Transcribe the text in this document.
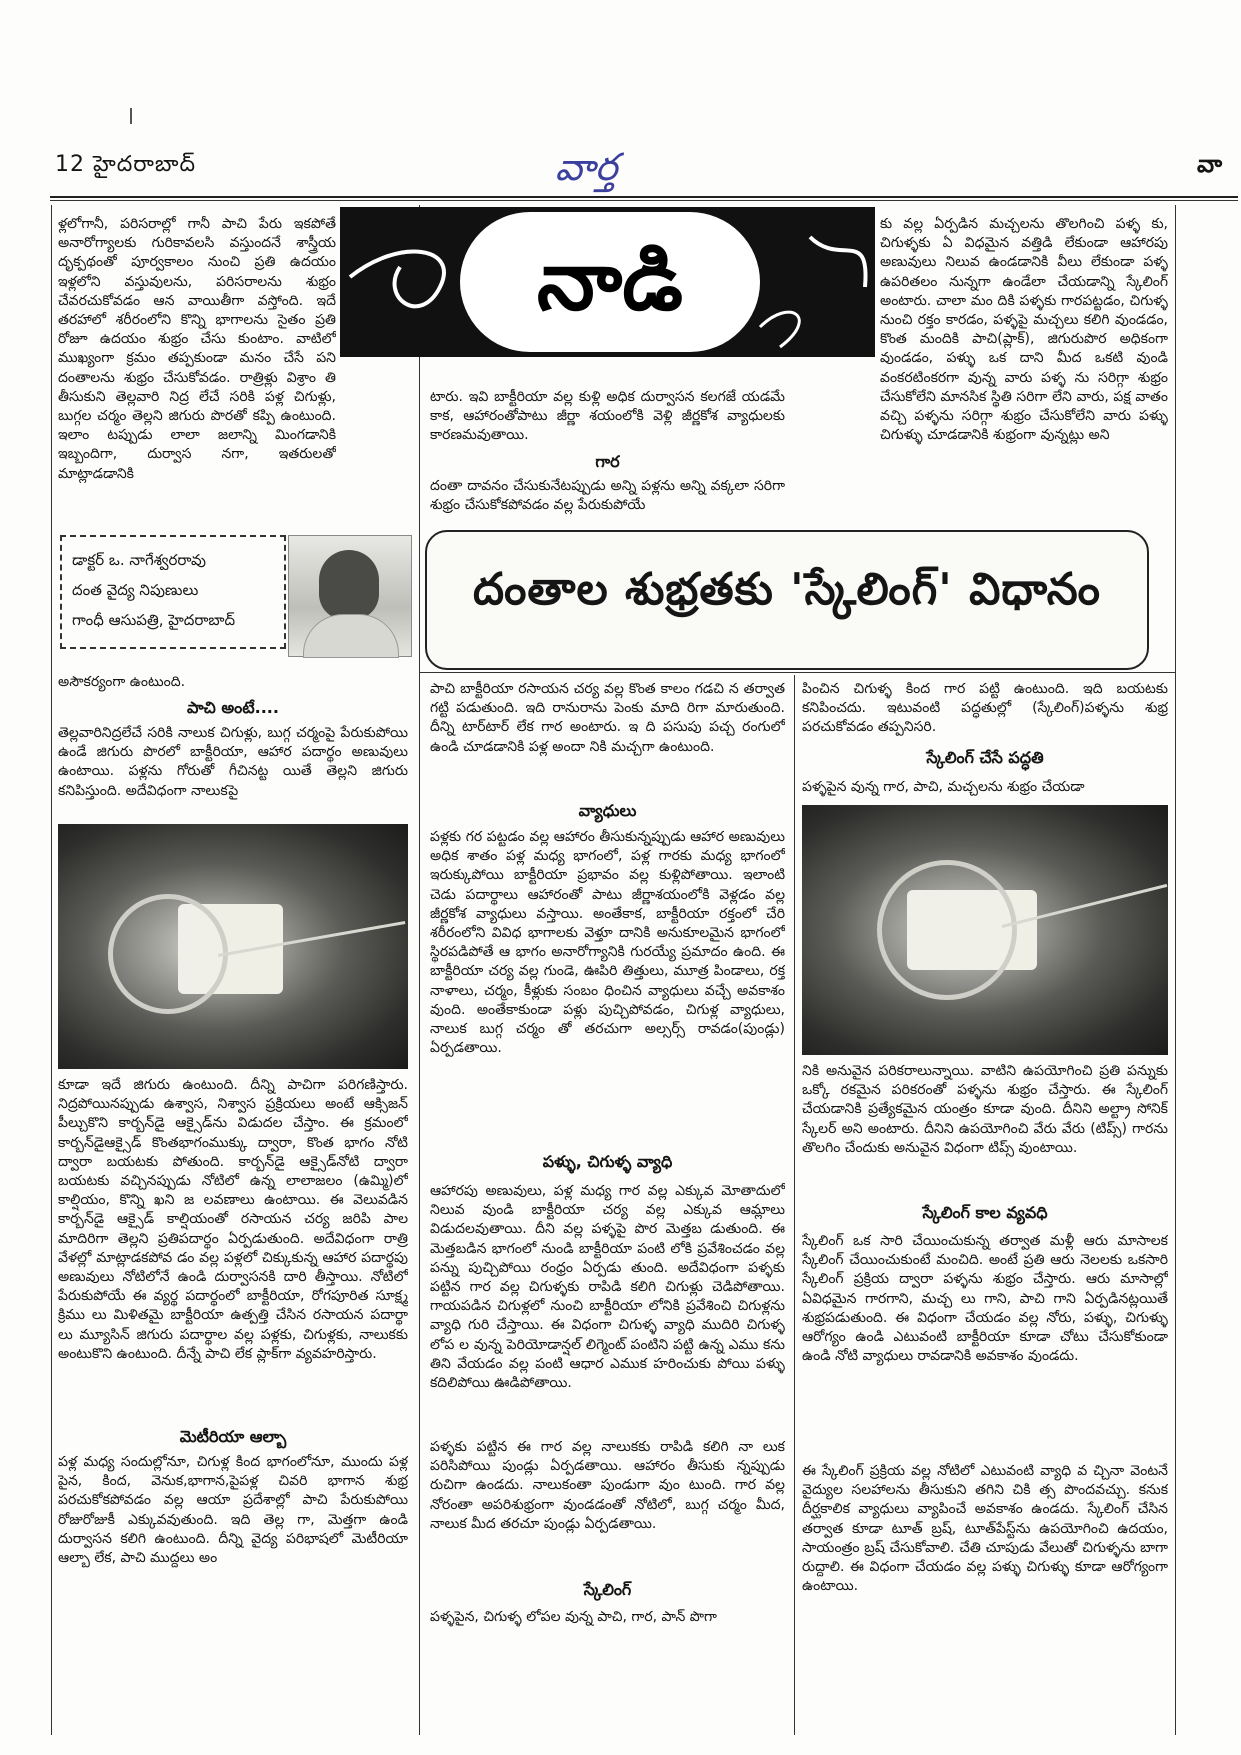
12 హైదరాబాద్	వార్త	వా
నాడి

ళ్లలోగానీ, పరిసరాల్లో గానీ పాచి పేరు ఇకపోతే అనారోగ్యాలకు గురికావలసి వస్తుందనే శాస్త్రీయ దృక్పథంతో పూర్వకాలం నుంచి ప్రతి ఉదయం ఇళ్లలోని వస్తువులను, పరిసరాలను శుభ్రం చేవరచుకోవడం ఆన వాయితీగా వస్తోంది. ఇదే తరహాలో శరీరంలోని కొన్ని భాగాలను సైతం ప్రతి రోజూ ఉదయం శుభ్రం చేసు కుంటాం. వాటిలో ముఖ్యంగా క్రమం తప్పకుండా మనం చేసే పని దంతాలను శుభ్రం చేసుకోవడం. రాత్రిళ్లు విశ్రాం తి తీసుకుని తెల్లవారి నిద్ర లేచే సరికి పళ్ల చిగుళ్లు, బుగ్గల చర్మం తెల్లని జిగురు పొరతో కప్పి ఉంటుంది. ఇలాం టప్పుడు లాలా జలాన్ని మింగడానికి ఇబ్బందిగా, దుర్వాస నగా, ఇతరులతో మాట్లాడడానికి

డాక్టర్ ఒ. నాగేశ్వరరావు
దంత వైద్య నిపుణులు
గాంధీ ఆసుపత్రి, హైదరాబాద్

అసౌకర్యంగా ఉంటుంది.

పాచి అంటే....

తెల్లవారినిద్రలేచే సరికి నాలుక చిగుళ్లు, బుగ్గ చర్మంపై పేరుకుపోయి ఉండే జిగురు పొరలో బాక్టీరియా, ఆహార పదార్థం అణువులు ఉంటాయి. పళ్లను గోరుతో గీచినట్ట యితే తెల్లని జిగురు కనిపిస్తుంది. అదేవిధంగా నాలుకపై

కూడా ఇదే జిగురు ఉంటుంది. దీన్ని పాచిగా పరిగణిస్తారు. నిద్రపోయినప్పుడు ఉశ్వాస, నిశ్వాస ప్రక్రియలు అంటే ఆక్సిజన్ పీల్చుకొని కార్బన్‌డై ఆక్సైడ్‌ను విడుదల చేస్తాం. ఈ క్రమంలో కార్బన్‌డైఆక్సైడ్ కొంతభాగంముక్కు ద్వారా, కొంత భాగం నోటి ద్వారా బయటకు పోతుంది. కార్బన్‌డై ఆక్సైడ్‌నోటి ద్వారా బయటకు వచ్చినప్పుడు నోటిలో ఉన్న లాలాజలం (ఉమ్మి)లో కాల్షియం, కొన్ని ఖని జ లవణాలు ఉంటాయి. ఈ వెలువడిన కార్బన్‌డై ఆక్సైడ్ కాల్షియంతో రసాయన చర్య జరిపి పాల మాదిరిగా తెల్లని ప్రతిపదార్థం ఏర్పడుతుంది. అదేవిధంగా రాత్రి వేళల్లో మాట్లాడకపోవ డం వల్ల పళ్లలో చిక్కుకున్న ఆహార పదార్థపు అణువులు నోటిలోనే ఉండి దుర్వాసనకి దారి తీస్తాయి. నోటిలో పేరుకుపోయే ఈ వ్యర్థ పదార్థంలో బాక్టీరియా, రోగపూరిత సూక్ష్మ క్రిము లు మిళితమై బాక్టీరియా ఉత్పత్తి చేసిన రసాయన పదార్థా లు మ్యూసిన్ జిగురు పదార్థాల వల్ల పళ్లకు, చిగుళ్లకు, నాలుకకు అంటుకొని ఉంటుంది. దీన్నే పాచి లేక ప్లాక్‌గా వ్యవహరిస్తారు.

మెటీరియా ఆల్బా

పళ్ల మధ్య సందుల్లోనూ, చిగుళ్ల కింద భాగంలోనూ, ముందు పళ్ల పైన, కింద, వెనుక,భాగాన,పైపళ్ల చివరి భాగాన శుభ్ర పరచుకోకపోవడం వల్ల ఆయా ప్రదేశాల్లో పాచి పేరుకుపోయి రోజురోజుకీ ఎక్కువవుతుంది. ఇది తెల్ల గా, మెత్తగా ఉండి దుర్వాసన కలిగి ఉంటుంది. దీన్ని వైద్య పరిభాషలో మెటీరియా ఆల్బా లేక, పాచి ముద్దలు అం

టారు. ఇవి బాక్టీరియా వల్ల కుళ్లి అధిక దుర్వాసన కలగజే యడమే కాక, ఆహారంతోపాటు జీర్ణా శయంలోకి వెళ్లి జీర్ణకోశ వ్యాధులకు కారణమవుతాయి.

గార

దంతా దావనం చేసుకునేటప్పుడు అన్ని పళ్లను అన్ని వక్కలా సరిగా శుభ్రం చేసుకోకపోవడం వల్ల పేరుకుపోయే

కు వల్ల ఏర్పడిన మచ్చలను తొలగించి పళ్ళ కు, చిగుళ్ళకు ఏ విధమైన వత్తిడి లేకుండా ఆహారపు అణువులు నిలువ ఉండడానికి వీలు లేకుండా పళ్ళ ఉపరితలం నున్నగా ఉండేలా చేయడాన్ని స్కేలింగ్ అంటారు. చాలా మం దికి పళ్ళకు గారపట్టడం, చిగుళ్ళ నుంచి రక్తం కారడం, పళ్ళపై మచ్చలు కలిగి వుండడం, కొంత మందికి పాచి(ప్లాక్), జిగురుపొర అధికంగా వుండడం, పళ్ళు ఒక దాని మీద ఒకటి వుండి వంకరటింకరగా వున్న వారు పళ్ళ ను సరిగ్గా శుభ్రం చేసుకోలేని మానసిక స్థితి సరిగా లేని వారు, పక్ష వాతం వచ్చి పళ్ళను సరిగ్గా శుభ్రం చేసుకోలేని వారు పళ్ళు చిగుళ్ళు చూడడానికి శుభ్రంగా వున్నట్లు అని

దంతాల శుభ్రతకు 'స్కేలింగ్' విధానం

పాచి బాక్టీరియా రసాయన చర్య వల్ల కొంత కాలం గడచి న తర్వాత గట్టి పడుతుంది. ఇది రానురాను పెంకు మాది రిగా మారుతుంది. దీన్ని టార్‌టార్ లేక గార అంటారు. ఇ ది పసుపు పచ్చ రంగులో ఉండి చూడడానికి పళ్ల అందా నికి మచ్చగా ఉంటుంది.

వ్యాధులు

పళ్లకు గర పట్టడం వల్ల ఆహారం తీసుకున్నప్పుడు ఆహార అణువులు అధిక శాతం పళ్ల మధ్య భాగంలో, పళ్ల గారకు మధ్య భాగంలో ఇరుక్కుపోయి బాక్టీరియా ప్రభావం వల్ల కుళ్లిపోతాయి. ఇలాంటి చెడు పదార్థాలు ఆహారంతో పాటు జీర్ణాశయంలోకి వెళ్లడం వల్ల జీర్ణకోశ వ్యాధులు వస్తాయి. అంతేకాక, బాక్టీరియా రక్తంలో చేరి శరీరంలోని వివిధ భాగాలకు వెళ్తూ దానికి అనుకూలమైన భాగంలో స్థిరపడిపోతే ఆ భాగం అనారోగ్యానికి గురయ్యే ప్రమాదం ఉంది. ఈ బాక్టీరియా చర్య వల్ల గుండె, ఊపిరి తిత్తులు, మూత్ర పిండాలు, రక్త నాళాలు, చర్మం, కీళ్లుకు సంబం ధించిన వ్యాధులు వచ్చే అవకాశం వుంది. అంతేకాకుండా పళ్లు పుచ్చిపోవడం, చిగుళ్ల వ్యాధులు, నాలుక బుగ్గ చర్మం తో తరచుగా అల్సర్స్ రావడం(పుండ్లు) ఏర్పడతాయి.

పళ్ళు, చిగుళ్ళ వ్యాధి

ఆహారపు అణువులు, పళ్ల మధ్య గార వల్ల ఎక్కువ మోతాదులో నిలువ వుండి బాక్టీరియా చర్య వల్ల ఎక్కువ ఆమ్లాలు విడుదలవుతాయి. దీని వల్ల పళ్ళపై పొర మెత్తబ డుతుంది. ఈ మెత్తబడిన భాగంలో నుండి బాక్టీరియా పంటి లోకి ప్రవేశించడం వల్ల పన్ను పుచ్చిపోయి రంధ్రం ఏర్పడు తుంది. అదేవిధంగా పళ్ళకు పట్టిన గార వల్ల చిగుళ్ళకు రాపిడి కలిగి చిగుళ్లు చెడిపోతాయి. గాయపడిన చిగుళ్లలో నుంచి బాక్టీరియా లోనికి ప్రవేశించి చిగుళ్లను వ్యాధి గురి చేస్తాయి. ఈ విధంగా చిగుళ్ళ వ్యాధి ముదిరి చిగుళ్ళ లోప ల వున్న పెరియోడాన్షల్ లిగ్మెంట్ పంటిని పట్టి ఉన్న ఎము కను తిని వేయడం వల్ల పంటి ఆధార ఎముక హరించుకు పోయి పళ్ళు కదిలిపోయి ఊడిపోతాయి.

పళ్ళకు పట్టిన ఈ గార వల్ల నాలుకకు రాపిడి కలిగి నా లుక పరిసిపోయి పుండ్లు ఏర్పడతాయి. ఆహారం తీసుకు న్నప్పుడు రుచిగా ఉండదు. నాలుకంతా పుండుగా వుం టుంది. గార వల్ల నోరంతా అపరిశుభ్రంగా వుండడంతో నోటిలో, బుగ్గ చర్మం మీద, నాలుక మీద తరచూ పుండ్లు ఏర్పడతాయి.

స్కేలింగ్

పళ్ళపైన, చిగుళ్ళ లోపల వున్న పాచి, గార, పాన్ పొగా

పించిన చిగుళ్ళ కింద గార పట్టి ఉంటుంది. ఇది బయటకు కనిపించదు. ఇటువంటి పద్ధతుల్లో (స్కేలింగ్)పళ్ళను శుభ్ర పరచుకోవడం తప్పనిసరి.

స్కేలింగ్ చేసే పద్ధతి

పళ్ళపైన వున్న గార, పాచి, మచ్చలను శుభ్రం చేయడా

నికి అనువైన పరికరాలున్నాయి. వాటిని ఉపయోగించి ప్రతి పన్నుకు ఒక్కో రకమైన పరికరంతో పళ్ళను శుభ్రం చేస్తారు. ఈ స్కేలింగ్ చేయడానికి ప్రత్యేకమైన యంత్రం కూడా వుంది. దీనిని అల్ట్రా సోనిక్ స్కేలర్ అని అంటారు. దీనిని ఉపయోగించి వేరు వేరు (టిప్స్) గారను తొలగిం చేందుకు అనువైన విధంగా టిప్స్ వుంటాయి.

స్కేలింగ్ కాల వ్యవధి

స్కేలింగ్ ఒక సారి చేయించుకున్న తర్వాత మళ్లీ ఆరు మాసాలక స్కేలింగ్ చేయించుకుంటే మంచిది. అంటే ప్రతి ఆరు నెలలకు ఒకసారి స్కేలింగ్ ప్రక్రియ ద్వారా పళ్ళను శుభ్రం చేస్తారు. ఆరు మాసాల్లో ఏవిధమైన గారగాని, మచ్చ లు గాని, పాచి గాని ఏర్పడినట్లయితే శుభ్రపడుతుంది. ఈ విధంగా చేయడం వల్ల నోరు, పళ్ళు, చిగుళ్ళు ఆరోగ్యం ఉండి ఎటువంటి బాక్టీరియా కూడా చోటు చేసుకోకుండా ఉండి నోటి వ్యాధులు రావడానికి అవకాశం వుండదు.

ఈ స్కేలింగ్ ప్రక్రియ వల్ల నోటిలో ఎటువంటి వ్యాధి వ చ్చినా వెంటనే వైద్యుల సలహాలను తీసుకుని తగిని చికి త్స పొందవచ్చు. కనుక దీర్ఘకాలిక వ్యాధులు వ్యాపించే అవకాశం ఉండదు. స్కేలింగ్ చేసిన తర్వాత కూడా టూత్ బ్రష్, టూత్‌పేస్ట్‌ను ఉపయోగించి ఉదయం, సాయంత్రం బ్రష్ చేసుకోవాలి. చేతి చూపుడు వేలుతో చిగుళ్ళను బాగా రుద్దాలి. ఈ విధంగా చేయడం వల్ల పళ్ళు చిగుళ్ళు కూడా ఆరోగ్యంగా ఉంటాయి.
